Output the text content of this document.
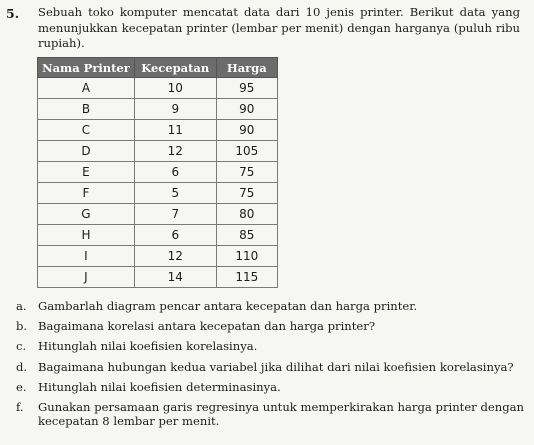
5. Sebuah toko komputer mencatat data dari 10 jenis printer. Berikut data yang menunjukkan kecepatan printer (lembar per menit) dengan harganya (puluh ribu rupiah).

Nama Printer	Kecepatan	Harga
A	10	95
B	9	90
C	11	90
D	12	105
E	6	75
F	5	75
G	7	80
H	6	85
I	12	110
J	14	115
a. Gambarlah diagram pencar antara kecepatan dan harga printer.
b. Bagaimana korelasi antara kecepatan dan harga printer?
c.	Hitunglah nilai koefisien korelasinya.
d. Bagaimana hubungan kedua variabel jika dilihat dari nilai koefisien korelasinya?
e. Hitunglah nilai koefisien determinasinya.
f.	Gunakan persamaan garis regresinya untuk memperkirakan harga printer dengan kecepatan 8 lembar per menit.
